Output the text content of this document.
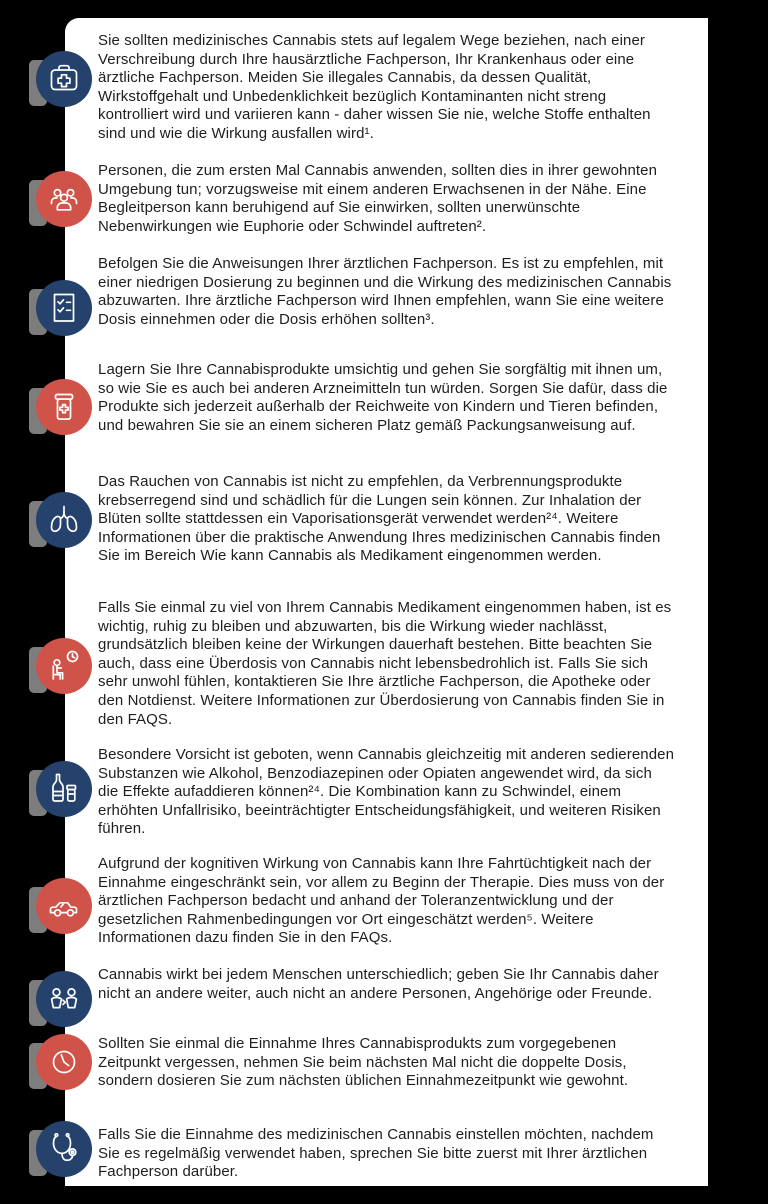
Sie sollten medizinisches Cannabis stets auf legalem Wege beziehen, nach einer Verschreibung durch Ihre hausärztliche Fachperson, Ihr Krankenhaus oder eine ärztliche Fachperson. Meiden Sie illegales Cannabis, da dessen Qualität, Wirkstoffgehalt und Unbedenklichkeit bezüglich Kontaminanten nicht streng kontrolliert wird und variieren kann - daher wissen Sie nie, welche Stoffe enthalten sind und wie die Wirkung ausfallen wird¹.

Personen, die zum ersten Mal Cannabis anwenden, sollten dies in ihrer gewohnten Umgebung tun; vorzugsweise mit einem anderen Erwachsenen in der Nähe. Eine Begleitperson kann beruhigend auf Sie einwirken, sollten unerwünschte Nebenwirkungen wie Euphorie oder Schwindel auftreten².

Befolgen Sie die Anweisungen Ihrer ärztlichen Fachperson. Es ist zu empfehlen, mit einer niedrigen Dosierung zu beginnen und die Wirkung des medizinischen Cannabis abzuwarten. Ihre ärztliche Fachperson wird Ihnen empfehlen, wann Sie eine weitere Dosis einnehmen oder die Dosis erhöhen sollten³.

Lagern Sie Ihre Cannabisprodukte umsichtig und gehen Sie sorgfältig mit ihnen um, so wie Sie es auch bei anderen Arzneimitteln tun würden. Sorgen Sie dafür, dass die Produkte sich jederzeit außerhalb der Reichweite von Kindern und Tieren befinden, und bewahren Sie sie an einem sicheren Platz gemäß Packungsanweisung auf.

Das Rauchen von Cannabis ist nicht zu empfehlen, da Verbrennungsprodukte krebserregend sind und schädlich für die Lungen sein können. Zur Inhalation der Blüten sollte stattdessen ein Vaporisationsgerät verwendet werden²⁴. Weitere Informationen über die praktische Anwendung Ihres medizinischen Cannabis finden Sie im Bereich Wie kann Cannabis als Medikament eingenommen werden.

Falls Sie einmal zu viel von Ihrem Cannabis Medikament eingenommen haben, ist es wichtig, ruhig zu bleiben und abzuwarten, bis die Wirkung wieder nachlässt, grundsätzlich bleiben keine der Wirkungen dauerhaft bestehen. Bitte beachten Sie auch, dass eine Überdosis von Cannabis nicht lebensbedrohlich ist. Falls Sie sich sehr unwohl fühlen, kontaktieren Sie Ihre ärztliche Fachperson, die Apotheke oder den Notdienst. Weitere Informationen zur Überdosierung von Cannabis finden Sie in den FAQS.

Besondere Vorsicht ist geboten, wenn Cannabis gleichzeitig mit anderen sedierenden Substanzen wie Alkohol, Benzodiazepinen oder Opiaten angewendet wird, da sich die Effekte aufaddieren können²⁴. Die Kombination kann zu Schwindel, einem erhöhten Unfallrisiko, beeinträchtigter Entscheidungsfähigkeit, und weiteren Risiken führen.

Aufgrund der kognitiven Wirkung von Cannabis kann Ihre Fahrtüchtigkeit nach der Einnahme eingeschränkt sein, vor allem zu Beginn der Therapie. Dies muss von der ärztlichen Fachperson bedacht und anhand der Toleranzentwicklung und der gesetzlichen Rahmenbedingungen vor Ort eingeschätzt werden⁵. Weitere Informationen dazu finden Sie in den FAQs.

Cannabis wirkt bei jedem Menschen unterschiedlich; geben Sie Ihr Cannabis daher nicht an andere weiter, auch nicht an andere Personen, Angehörige oder Freunde.

Sollten Sie einmal die Einnahme Ihres Cannabisprodukts zum vorgegebenen Zeitpunkt vergessen, nehmen Sie beim nächsten Mal nicht die doppelte Dosis, sondern dosieren Sie zum nächsten üblichen Einnahmezeitpunkt wie gewohnt.

Falls Sie die Einnahme des medizinischen Cannabis einstellen möchten, nachdem Sie es regelmäßig verwendet haben, sprechen Sie bitte zuerst mit Ihrer ärztlichen Fachperson darüber.
